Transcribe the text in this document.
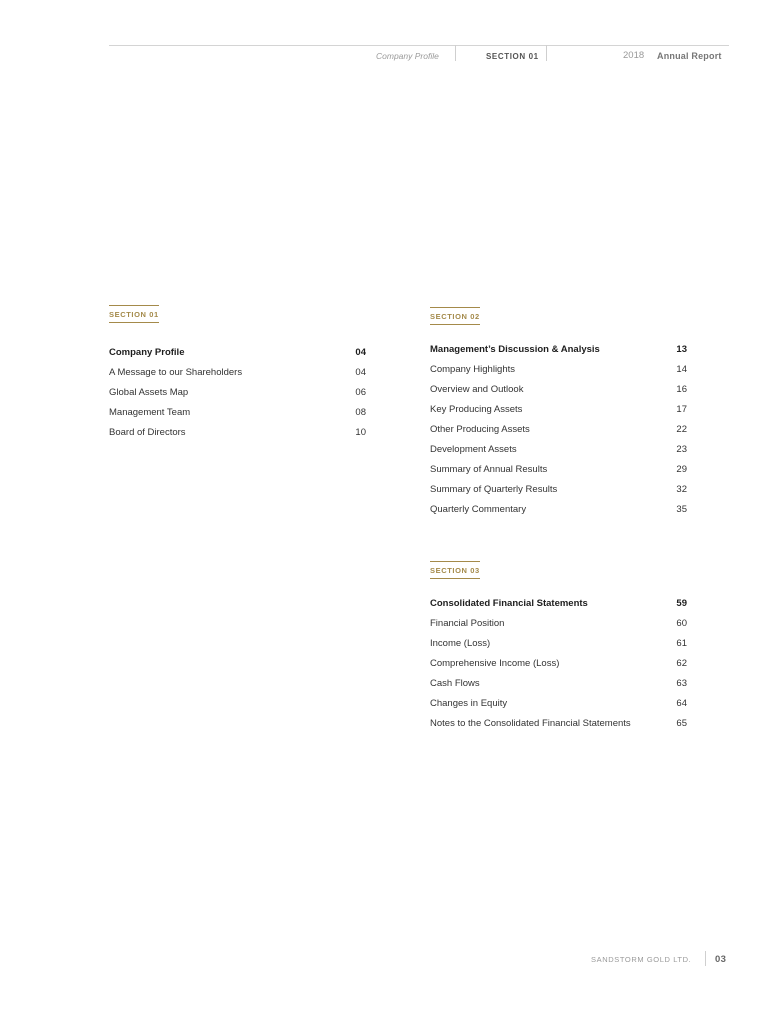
Company Profile	SECTION 01	2018 Annual Report
SECTION 01
Company Profile	04
A Message to our Shareholders	04
Global Assets Map	06
Management Team	08
Board of Directors	10
SECTION 02
Management’s Discussion & Analysis	13
Company Highlights	14
Overview and Outlook	16
Key Producing Assets	17
Other Producing Assets	22
Development Assets	23
Summary of Annual Results	29
Summary of Quarterly Results	32
Quarterly Commentary	35
SECTION 03
Consolidated Financial Statements	59
Financial Position	60
Income (Loss)	61
Comprehensive Income (Loss)	62
Cash Flows	63
Changes in Equity	64
Notes to the Consolidated Financial Statements	65
SANDSTORM GOLD LTD. 03
